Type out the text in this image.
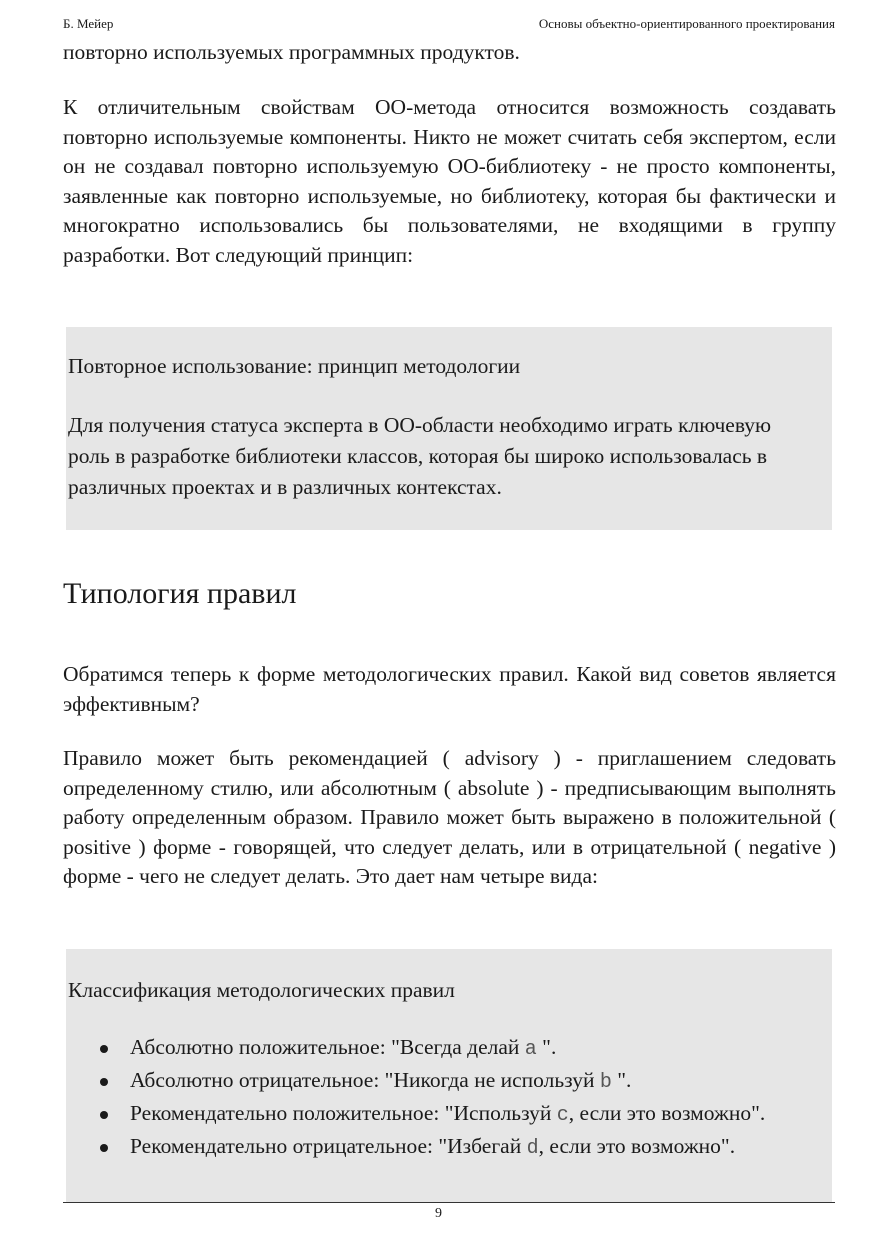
Б. Мейер	Основы объектно-ориентированного проектирования

повторно используемых программных продуктов.

К отличительным свойствам ОО-метода относится возможность создавать повторно используемые компоненты. Никто не может считать себя экспертом, если он не создавал повторно используемую ОО-библиотеку - не просто компоненты, заявленные как повторно используемые, но библиотеку, которая бы фактически и многократно использовались бы пользователями, не входящими в группу разработки. Вот следующий принцип:

Повторное использование: принцип методологии

Для получения статуса эксперта в ОО-области необходимо играть ключевую роль в разработке библиотеки классов, которая бы широко использовалась в различных проектах и в различных контекстах.

Типология правил

Обратимся теперь к форме методологических правил. Какой вид советов является эффективным?

Правило может быть рекомендацией ( advisory ) - приглашением следовать определенному стилю, или абсолютным ( absolute ) - предписывающим выполнять работу определенным образом. Правило может быть выражено в положительной ( positive ) форме - говорящей, что следует делать, или в отрицательной ( negative ) форме - чего не следует делать. Это дает нам четыре вида:

Классификация методологических правил

Абсолютно положительное: "Всегда делай a ".
Абсолютно отрицательное: "Никогда не используй b ".
Рекомендательно положительное: "Используй c, если это возможно".
Рекомендательно отрицательное: "Избегай d, если это возможно".
9
